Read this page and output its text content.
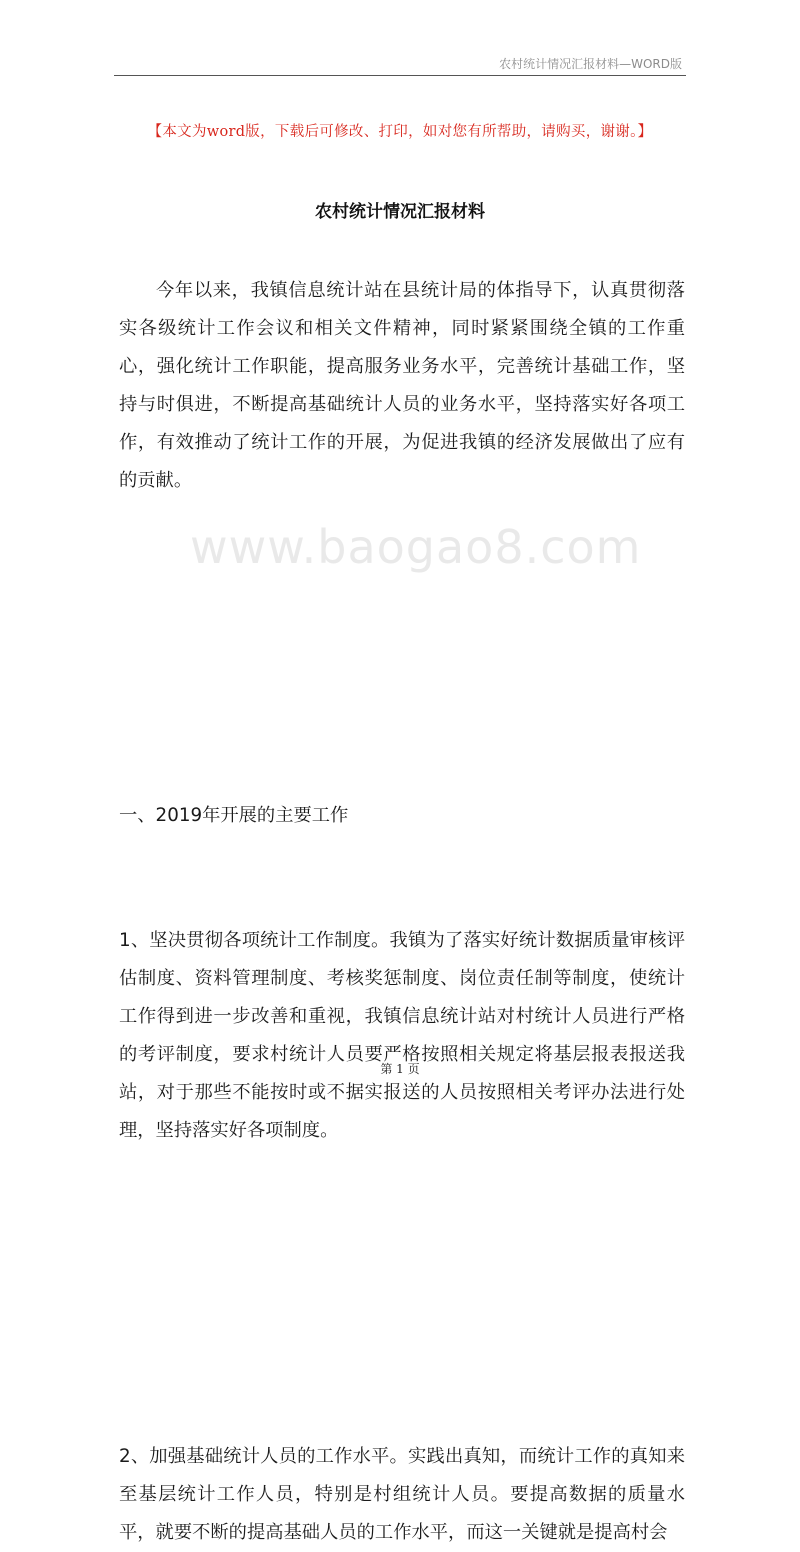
农村统计情况汇报材料—WORD版
www.baogao8.com
【本文为word版，下载后可修改、打印，如对您有所帮助，请购买，谢谢。】
农村统计情况汇报材料

今年以来，我镇信息统计站在县统计局的体指导下，认真贯彻落实各级统计工作会议和相关文件精神，同时紧紧围绕全镇的工作重心，强化统计工作职能，提高服务业务水平，完善统计基础工作，坚持与时俱进，不断提高基础统计人员的业务水平，坚持落实好各项工作，有效推动了统计工作的开展，为促进我镇的经济发展做出了应有的贡献。

一、2019年开展的主要工作

1、坚决贯彻各项统计工作制度。我镇为了落实好统计数据质量审核评估制度、资料管理制度、考核奖惩制度、岗位责任制等制度，使统计工作得到进一步改善和重视，我镇信息统计站对村统计人员进行严格的考评制度，要求村统计人员要严格按照相关规定将基层报表报送我站，对于那些不能按时或不据实报送的人员按照相关考评办法进行处理，坚持落实好各项制度。

2、加强基础统计人员的工作水平。实践出真知，而统计工作的真知来至基层统计工作人员，特别是村组统计人员。要提高数据的质量水平，就要不断的提高基础人员的工作水平，而这一关键就是提高村会

第 1 页
